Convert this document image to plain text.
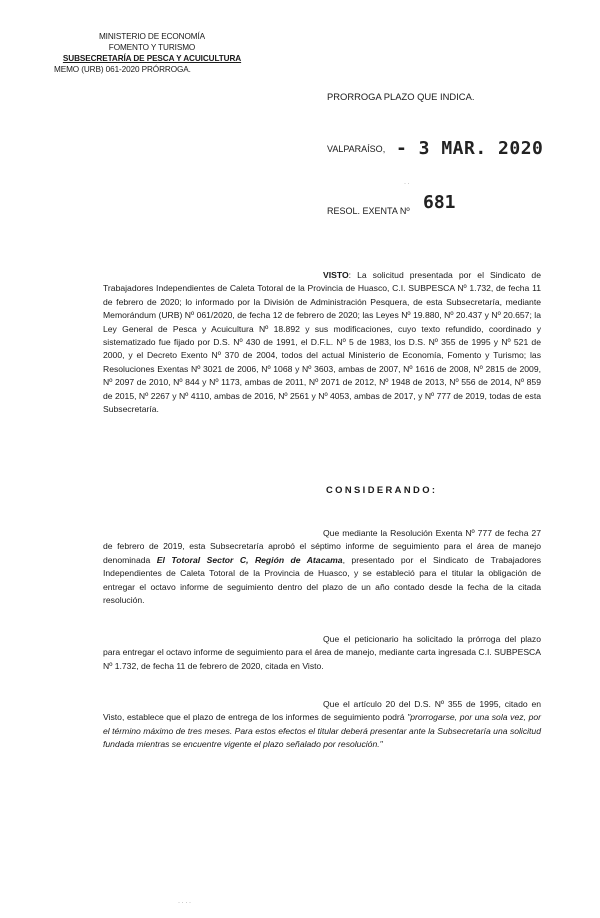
MINISTERIO DE ECONOMÍA
FOMENTO Y TURISMO
SUBSECRETARÍA DE PESCA Y ACUICULTURA
MEMO (URB) 061-2020 PRÓRROGA.
PRORROGA PLAZO QUE INDICA.
VALPARAÍSO, - 3 MAR. 2020
RESOL. EXENTA Nº 681
VISTO: La solicitud presentada por el Sindicato de Trabajadores Independientes de Caleta Totoral de la Provincia de Huasco, C.I. SUBPESCA Nº 1.732, de fecha 11 de febrero de 2020; lo informado por la División de Administración Pesquera, de esta Subsecretaría, mediante Memorándum (URB) Nº 061/2020, de fecha 12 de febrero de 2020; las Leyes Nº 19.880, Nº 20.437 y Nº 20.657; la Ley General de Pesca y Acuicultura Nº 18.892 y sus modificaciones, cuyo texto refundido, coordinado y sistematizado fue fijado por D.S. Nº 430 de 1991, el D.F.L. Nº 5 de 1983, los D.S. Nº 355 de 1995 y Nº 521 de 2000, y el Decreto Exento Nº 370 de 2004, todos del actual Ministerio de Economía, Fomento y Turismo; las Resoluciones Exentas Nº 3021 de 2006, Nº 1068 y Nº 3603, ambas de 2007, Nº 1616 de 2008, Nº 2815 de 2009, Nº 2097 de 2010, Nº 844 y Nº 1173, ambas de 2011, Nº 2071 de 2012, Nº 1948 de 2013, Nº 556 de 2014, Nº 859 de 2015, Nº 2267 y Nº 4110, ambas de 2016, Nº 2561 y Nº 4053, ambas de 2017, y Nº 777 de 2019, todas de esta Subsecretaría.
CONSIDERANDO:
Que mediante la Resolución Exenta Nº 777 de fecha 27 de febrero de 2019, esta Subsecretaría aprobó el séptimo informe de seguimiento para el área de manejo denominada El Totoral Sector C, Región de Atacama, presentado por el Sindicato de Trabajadores Independientes de Caleta Totoral de la Provincia de Huasco, y se estableció para el titular la obligación de entregar el octavo informe de seguimiento dentro del plazo de un año contado desde la fecha de la citada resolución.
Que el peticionario ha solicitado la prórroga del plazo para entregar el octavo informe de seguimiento para el área de manejo, mediante carta ingresada C.I. SUBPESCA Nº 1.732, de fecha 11 de febrero de 2020, citada en Visto.
Que el artículo 20 del D.S. Nº 355 de 1995, citado en Visto, establece que el plazo de entrega de los informes de seguimiento podrá "prorrogarse, por una sola vez, por el término máximo de tres meses. Para estos efectos el titular deberá presentar ante la Subsecretaría una solicitud fundada mientras se encuentre vigente el plazo señalado por resolución."
· ·
· · · ·
